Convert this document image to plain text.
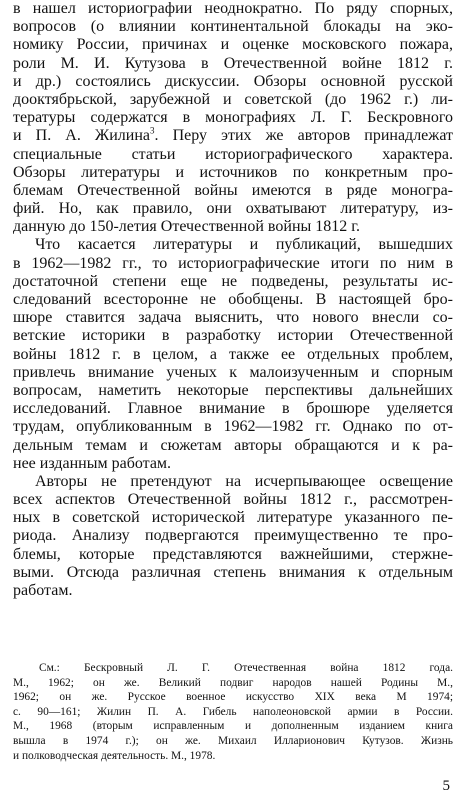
в нашел историографии неоднократно. По ряду спорных,
вопросов (о влиянии континентальной блокады на эко-
номику России, причинах и оценке московского пожара,
роли М. И. Кутузова в Отечественной войне 1812 г.
и др.) состоялись дискуссии. Обзоры основной русской
дооктябрьской, зарубежной и советской (до 1962 г.) ли-
тературы содержатся в монографиях Л. Г. Бескровного
и П. А. Жилина$^3$. Перу этих же авторов принадлежат
специальные статьи историографического характера.
Обзоры литературы и источников по конкретным про-
блемам Отечественной войны имеются в ряде моногра-
фий. Но, как правило, они охватывают литературу, из-
данную до 150-летия Отечественной войны 1812 г.
Что касается литературы и публикаций, вышедших
в 1962—1982 гг., то историографические итоги по ним в
достаточной степени еще не подведены, результаты ис-
следований всесторонне не обобщены. В настоящей бро-
шюре ставится задача выяснить, что нового внесли со-
ветские историки в разработку истории Отечественной
войны 1812 г. в целом, а также ее отдельных проблем,
привлечь внимание ученых к малоизученным и спорным
вопросам, наметить некоторые перспективы дальнейших
исследований. Главное внимание в брошюре уделяется
трудам, опубликованным в 1962—1982 гг. Однако по от-
дельным темам и сюжетам авторы обращаются и к ра-
нее изданным работам.
Авторы не претендуют на исчерпывающее освещение
всех аспектов Отечественной войны 1812 г., рассмотрен-
ных в советской исторической литературе указанного пе-
риода. Анализу подвергаются преимущественно те про-
блемы, которые представляются важнейшими, стержне-
выми. Отсюда различная степень внимания к отдельным
работам.
См.: Бескровный Л. Г. Отечественная война 1812 года.
М., 1962; он же. Великий подвиг народов нашей Родины М.,
1962; он же. Русское военное искусство XIX века М 1974;
с. 90—161; Жилин П. А. Гибель наполеоновской армии в России.
М., 1968 (вторым исправленным и дополненным изданием книга
вышла в 1974 г.); он же. Михаил Илларионович Кутузов. Жизнь
и полководческая деятельность. М., 1978.
5
